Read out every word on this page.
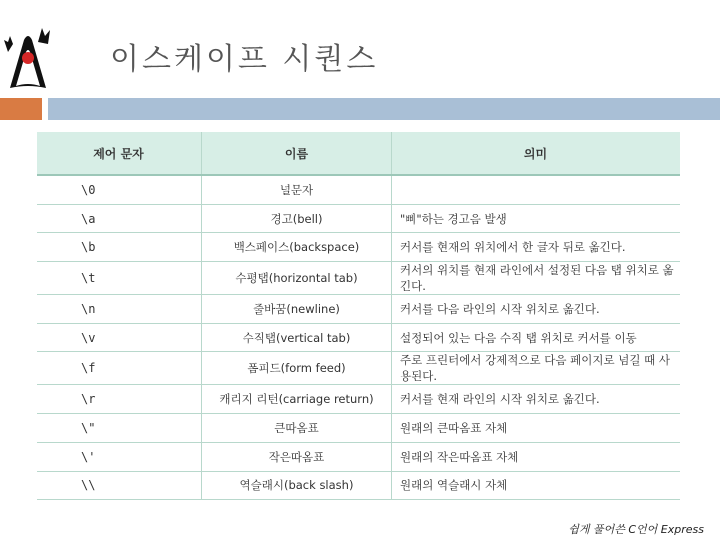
이스케이프 시퀀스
제어 문자	이름	의미
\0	널문자	
\a	경고(bell)	"삐"하는 경고음 발생
\b	백스페이스(backspace)	커서를 현재의 위치에서 한 글자 뒤로 옮긴다.
\t	수평탭(horizontal tab)	커서의 위치를 현재 라인에서 설정된 다음 탭 위치로 옮긴다.
\n	줄바꿈(newline)	커서를 다음 라인의 시작 위치로 옮긴다.
\v	수직탭(vertical tab)	설정되어 있는 다음 수직 탭 위치로 커서를 이동
\f	폼피드(form feed)	주로 프린터에서 강제적으로 다음 페이지로 넘길 때 사용된다.
\r	캐리지 리턴(carriage return)	커서를 현재 라인의 시작 위치로 옮긴다.
\"	큰따옴표	원래의 큰따옴표 자체
\'	작은따옴표	원래의 작은따옴표 자체
\\	역슬래시(back slash)	원래의 역슬래시 자체
쉽게 풀어쓴 C언어 Express
